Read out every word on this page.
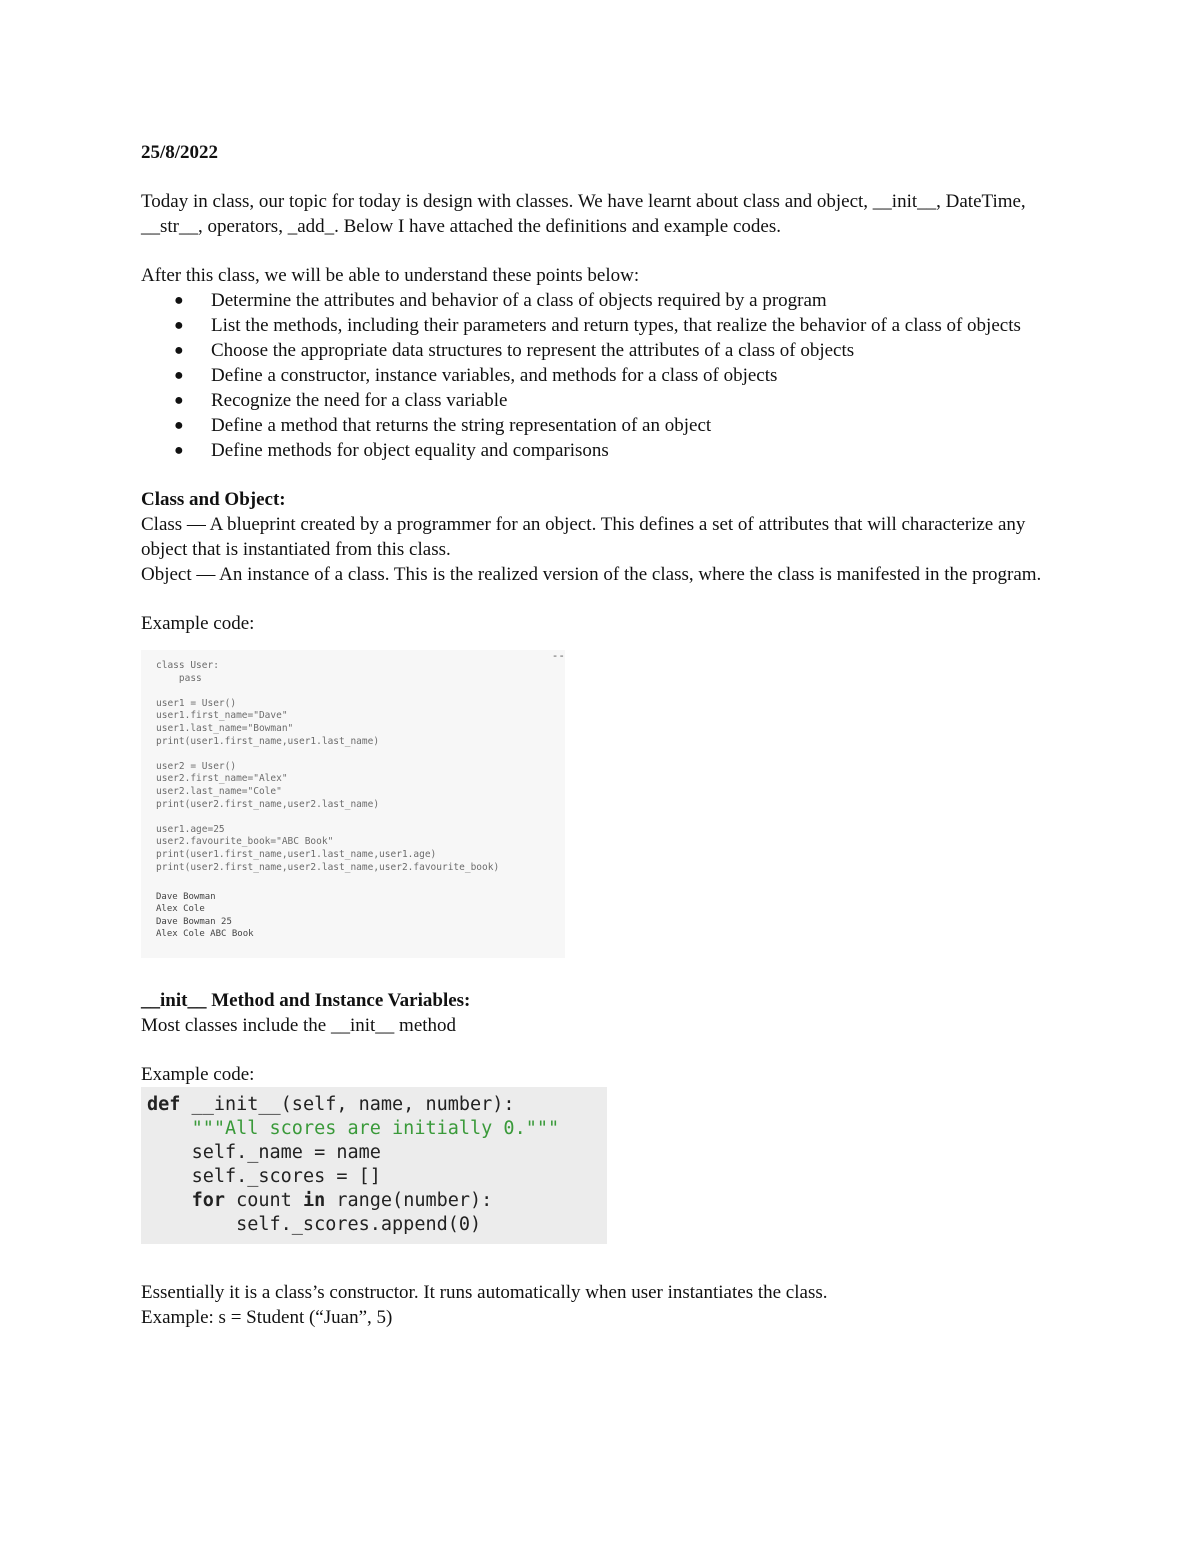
25/8/2022

Today in class, our topic for today is design with classes. We have learnt about class and object, __init__, DateTime, __str__, operators, _add_. Below I have attached the definitions and example codes.

After this class, we will be able to understand these points below:

● Determine the attributes and behavior of a class of objects required by a program
● List the methods, including their parameters and return types, that realize the behavior of a class of objects
● Choose the appropriate data structures to represent the attributes of a class of objects
● Define a constructor, instance variables, and methods for a class of objects
● Recognize the need for a class variable
● Define a method that returns the string representation of an object
● Define methods for object equality and comparisons

Class and Object:

Class — A blueprint created by a programmer for an object. This defines a set of attributes that will characterize any object that is instantiated from this class.

Object — An instance of a class. This is the realized version of the class, where the class is manifested in the program.

Example code:

--
class User:
pass

user1 = User()
user1.first_name="Dave"
user1.last_name="Bowman"
print(user1.first_name,user1.last_name)

user2 = User()
user2.first_name="Alex"
user2.last_name="Cole"
print(user2.first_name,user2.last_name)

user1.age=25
user2.favourite_book="ABC Book"
print(user1.first_name,user1.last_name,user1.age)
print(user2.first_name,user2.last_name,user2.favourite_book)

Dave Bowman
Alex Cole
Dave Bowman 25
Alex Cole ABC Book

__init__ Method and Instance Variables:

Most classes include the __init__ method

Example code:

def __init__(self, name, number):
"""All scores are initially 0."""
self._name = name
self._scores = []
for count in range(number):
self._scores.append(0)

Essentially it is a class’s constructor. It runs automatically when user instantiates the class.

Example: s = Student (“Juan”, 5)
